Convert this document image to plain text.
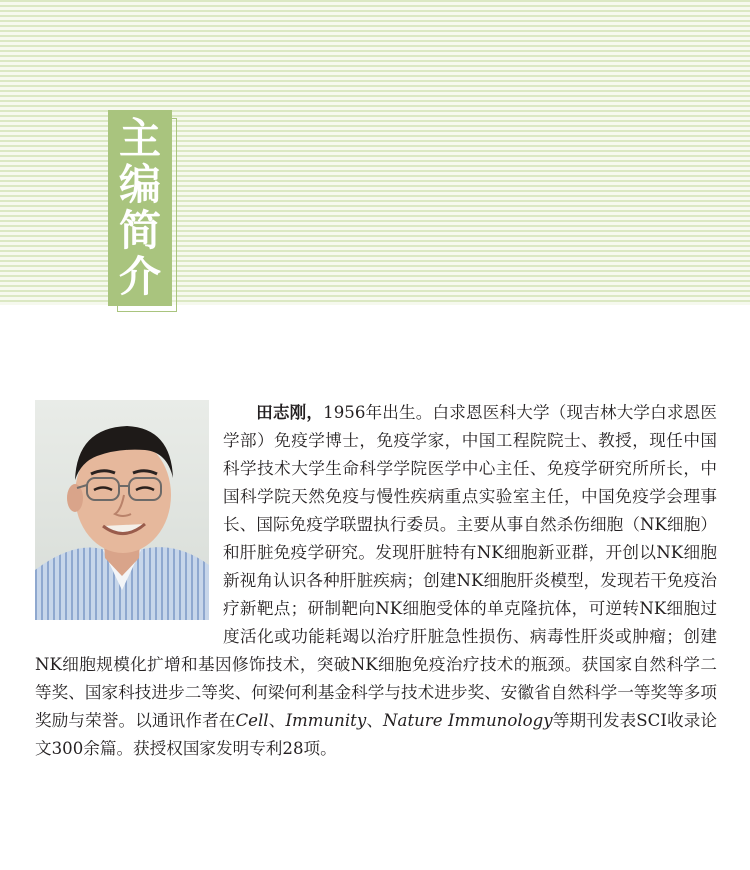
主
编
简
介

田志刚，1956年出生。白求恩医科大学（现吉林大学白求恩医学部）免疫学博士，免疫学家，中国工程院院士、教授，现任中国科学技术大学生命科学学院医学中心主任、免疫学研究所所长，中国科学院天然免疫与慢性疾病重点实验室主任，中国免疫学会理事长、国际免疫学联盟执行委员。主要从事自然杀伤细胞（NK细胞）和肝脏免疫学研究。发现肝脏特有NK细胞新亚群，开创以NK细胞新视角认识各种肝脏疾病；创建NK细胞肝炎模型，发现若干免疫治疗新靶点；研制靶向NK细胞受体的单克隆抗体，可逆转NK细胞过度活化或功能耗竭以治疗肝脏急性损伤、病毒性肝炎或肿瘤；创建NK细胞规模化扩增和基因修饰技术，突破NK细胞免疫治疗技术的瓶颈。获国家自然科学二等奖、国家科技进步二等奖、何梁何利基金科学与技术进步奖、安徽省自然科学一等奖等多项奖励与荣誉。以通讯作者在Cell、Immunity、Nature Immunology等期刊发表SCI收录论文300余篇。获授权国家发明专利28项。
